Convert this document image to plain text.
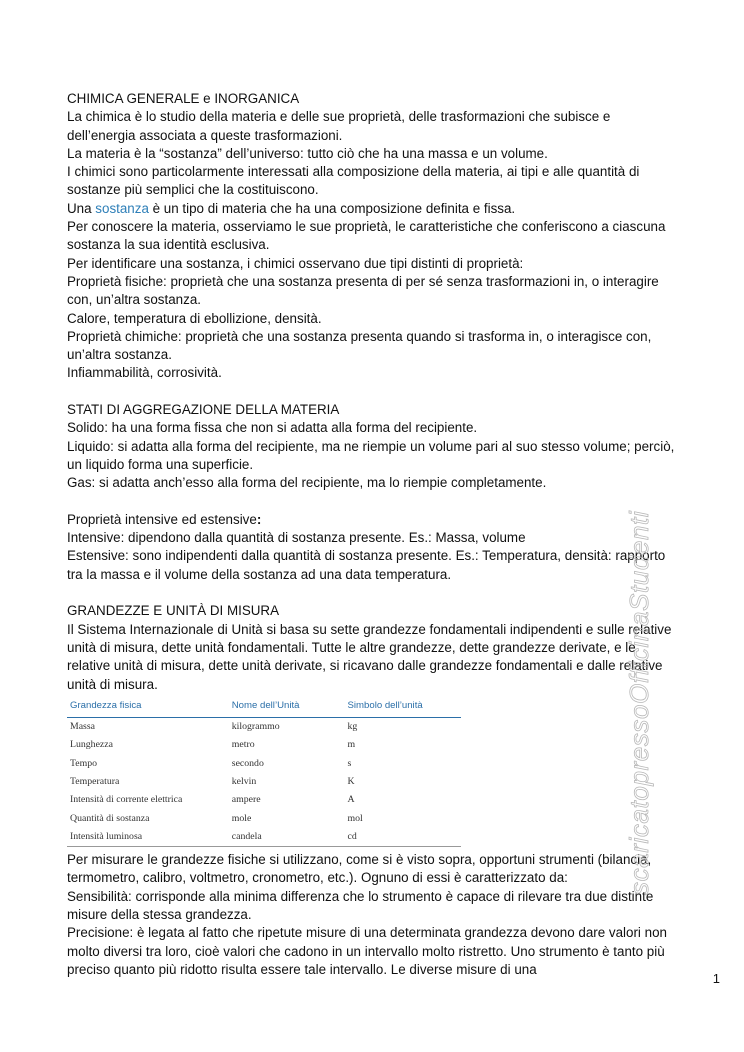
CHIMICA GENERALE e INORGANICA

La chimica è lo studio della materia e delle sue proprietà, delle trasformazioni che subisce e dell’energia associata a queste trasformazioni.

La materia è la “sostanza” dell’universo: tutto ciò che ha una massa e un volume.

I chimici sono particolarmente interessati alla composizione della materia, ai tipi e alle quantità di sostanze più semplici che la costituiscono.

Una sostanza è un tipo di materia che ha una composizione definita e fissa.

Per conoscere la materia, osserviamo le sue proprietà, le caratteristiche che conferiscono a ciascuna sostanza la sua identità esclusiva.

Per identificare una sostanza, i chimici osservano due tipi distinti di proprietà:

Proprietà fisiche: proprietà che una sostanza presenta di per sé senza trasformazioni in, o interagire con, un’altra sostanza.

Calore, temperatura di ebollizione, densità.

Proprietà chimiche: proprietà che una sostanza presenta quando si trasforma in, o interagisce con, un’altra sostanza.

Infiammabilità, corrosività.

STATI DI AGGREGAZIONE DELLA MATERIA

Solido: ha una forma fissa che non si adatta alla forma del recipiente.

Liquido: si adatta alla forma del recipiente, ma ne riempie un volume pari al suo stesso volume; perciò, un liquido forma una superficie.

Gas: si adatta anch’esso alla forma del recipiente, ma lo riempie completamente.

Proprietà intensive ed estensive:

Intensive: dipendono dalla quantità di sostanza presente. Es.: Massa, volume

Estensive: sono indipendenti dalla quantità di sostanza presente. Es.: Temperatura, densità: rapporto tra la massa e il volume della sostanza ad una data temperatura.

GRANDEZZE E UNITÀ DI MISURA

Il Sistema Internazionale di Unità si basa su sette grandezze fondamentali indipendenti e sulle relative unità di misura, dette unità fondamentali. Tutte le altre grandezze, dette grandezze derivate, e le relative unità di misura, dette unità derivate, si ricavano dalle grandezze fondamentali e dalle relative unità di misura.

Grandezza fisica	Nome dell’Unità	Simbolo dell’unità
Massa	kilogrammo	kg
Lunghezza	metro	m
Tempo	secondo	s
Temperatura	kelvin	K
Intensità di corrente elettrica	ampere	A
Quantità di sostanza	mole	mol
Intensità luminosa	candela	cd

Per misurare le grandezze fisiche si utilizzano, come si è visto sopra, opportuni strumenti (bilancia, termometro, calibro, voltmetro, cronometro, etc.). Ognuno di essi è caratterizzato da:

Sensibilità: corrisponde alla minima differenza che lo strumento è capace di rilevare tra due distinte misure della stessa grandezza.

Precisione: è legata al fatto che ripetute misure di una determinata grandezza devono dare valori non molto diversi tra loro, cioè valori che cadono in un intervallo molto ristretto. Uno strumento è tanto più preciso quanto più ridotto risulta essere tale intervallo. Le diverse misure di una

scaricatopressoOfficinaStudenti
1
